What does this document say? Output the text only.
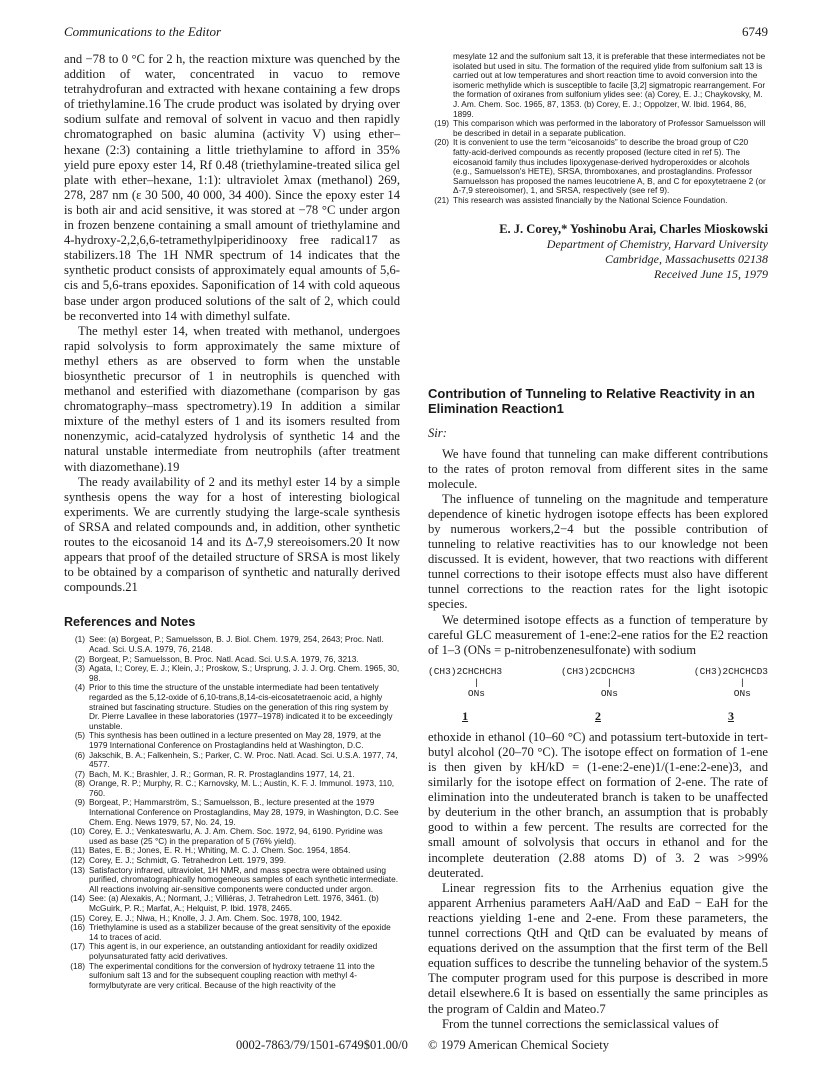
Communications to the Editor	6749

and −78 to 0 °C for 2 h, the reaction mixture was quenched by the addition of water, concentrated in vacuo to remove tetrahydrofuran and extracted with hexane containing a few drops of triethylamine.16 The crude product was isolated by drying over sodium sulfate and removal of solvent in vacuo and then rapidly chromatographed on basic alumina (activity V) using ether–hexane (2:3) containing a little triethylamine to afford in 35% yield pure epoxy ester 14, Rf 0.48 (triethylamine-treated silica gel plate with ether–hexane, 1:1): ultraviolet λmax (methanol) 269, 278, 287 nm (ε 30 500, 40 000, 34 400). Since the epoxy ester 14 is both air and acid sensitive, it was stored at −78 °C under argon in frozen benzene containing a small amount of triethylamine and 4-hydroxy-2,2,6,6-tetramethylpiperidinooxy free radical17 as stabilizers.18 The 1H NMR spectrum of 14 indicates that the synthetic product consists of approximately equal amounts of 5,6-cis and 5,6-trans epoxides. Saponification of 14 with cold aqueous base under argon produced solutions of the salt of 2, which could be reconverted into 14 with dimethyl sulfate.

The methyl ester 14, when treated with methanol, undergoes rapid solvolysis to form approximately the same mixture of methyl ethers as are observed to form when the unstable biosynthetic precursor of 1 in neutrophils is quenched with methanol and esterified with diazomethane (comparison by gas chromatography–mass spectrometry).19 In addition a similar mixture of the methyl esters of 1 and its isomers resulted from nonenzymic, acid-catalyzed hydrolysis of synthetic 14 and the natural unstable intermediate from neutrophils (after treatment with diazomethane).19

The ready availability of 2 and its methyl ester 14 by a simple synthesis opens the way for a host of interesting biological experiments. We are currently studying the large-scale synthesis of SRSA and related compounds and, in addition, other synthetic routes to the eicosanoid 14 and its Δ-7,9 stereoisomers.20 It now appears that proof of the detailed structure of SRSA is most likely to be obtained by a comparison of synthetic and naturally derived compounds.21

References and Notes
(1) See: (a) Borgeat, P.; Samuelsson, B. J. Biol. Chem. 1979, 254, 2643; Proc. Natl. Acad. Sci. U.S.A. 1979, 76, 2148.
(2) Borgeat, P.; Samuelsson, B. Proc. Natl. Acad. Sci. U.S.A. 1979, 76, 3213.
(3) Agata, I.; Corey, E. J.; Klein, J.; Proskow, S.; Ursprung, J. J. J. Org. Chem. 1965, 30, 98.
(4) Prior to this time the structure of the unstable intermediate had been tentatively regarded as the 5,12-oxide of 6,10-trans,8,14-cis-eicosatetraenoic acid, a highly strained but fascinating structure. Studies on the generation of this ring system by Dr. Pierre Lavallee in these laboratories (1977–1978) indicated it to be exceedingly unstable.
(5) This synthesis has been outlined in a lecture presented on May 28, 1979, at the 1979 International Conference on Prostaglandins held at Washington, D.C.
(6) Jakschik, B. A.; Falkenhein, S.; Parker, C. W. Proc. Natl. Acad. Sci. U.S.A. 1977, 74, 4577.
(7) Bach, M. K.; Brashler, J. R.; Gorman, R. R. Prostaglandins 1977, 14, 21.
(8) Orange, R. P.; Murphy, R. C.; Karnovsky, M. L.; Austin, K. F. J. Immunol. 1973, 110, 760.
(9) Borgeat, P.; Hammarström, S.; Samuelsson, B., lecture presented at the 1979 International Conference on Prostaglandins, May 28, 1979, in Washington, D.C. See Chem. Eng. News 1979, 57, No. 24, 19.
(10) Corey, E. J.; Venkateswarlu, A. J. Am. Chem. Soc. 1972, 94, 6190. Pyridine was used as base (25 °C) in the preparation of 5 (76% yield).
(11) Bates, E. B.; Jones, E. R. H.; Whiting, M. C. J. Chem. Soc. 1954, 1854.
(12) Corey, E. J.; Schmidt, G. Tetrahedron Lett. 1979, 399.
(13) Satisfactory infrared, ultraviolet, 1H NMR, and mass spectra were obtained using purified, chromatographically homogeneous samples of each synthetic intermediate. All reactions involving air-sensitive components were conducted under argon.
(14) See: (a) Alexakis, A.; Normant, J.; Villiéras, J. Tetrahedron Lett. 1976, 3461. (b) McGuirk, P. R.; Marfat, A.; Helquist, P. Ibid. 1978, 2465.
(15) Corey, E. J.; Niwa, H.; Knolle, J. J. Am. Chem. Soc. 1978, 100, 1942.
(16) Triethylamine is used as a stabilizer because of the great sensitivity of the epoxide 14 to traces of acid.
(17) This agent is, in our experience, an outstanding antioxidant for readily oxidized polyunsaturated fatty acid derivatives.
(18) The experimental conditions for the conversion of hydroxy tetraene 11 into the sulfonium salt 13 and for the subsequent coupling reaction with methyl 4-formylbutyrate are very critical. Because of the high reactivity of the
mesylate 12 and the sulfonium salt 13, it is preferable that these intermediates not be isolated but used in situ. The formation of the required ylide from sulfonium salt 13 is carried out at low temperatures and short reaction time to avoid conversion into the isomeric methylide which is susceptible to facile [3,2] sigmatropic rearrangement. For the formation of oxiranes from sulfonium ylides see: (a) Corey, E. J.; Chaykovsky, M. J. Am. Chem. Soc. 1965, 87, 1353. (b) Corey, E. J.; Oppolzer, W. Ibid. 1964, 86, 1899.
(19) This comparison which was performed in the laboratory of Professor Samuelsson will be described in detail in a separate publication.
(20) It is convenient to use the term “eicosanoids” to describe the broad group of C20 fatty-acid-derived compounds as recently proposed (lecture cited in ref 5). The eicosanoid family thus includes lipoxygenase-derived hydroperoxides or alcohols (e.g., Samuelsson's HETE), SRSA, thromboxanes, and prostaglandins. Professor Samuelsson has proposed the names leucotriene A, B, and C for epoxytetraene 2 (or Δ-7,9 stereoisomer), 1, and SRSA, respectively (see ref 9).
(21) This research was assisted financially by the National Science Foundation.
E. J. Corey,* Yoshinobu Arai, Charles Mioskowski
Department of Chemistry, Harvard University
Cambridge, Massachusetts 02138
Received June 15, 1979
Contribution of Tunneling to Relative Reactivity in an Elimination Reaction1
Sir:

We have found that tunneling can make different contributions to the rates of proton removal from different sites in the same molecule.

The influence of tunneling on the magnitude and temperature dependence of kinetic hydrogen isotope effects has been explored by numerous workers,2−4 but the possible contribution of tunneling to relative reactivities has to our knowledge not been discussed. It is evident, however, that two reactions with different tunnel corrections to their isotope effects must also have different tunnel corrections to the reaction rates for the light isotopic species.

We determined isotope effects as a function of temperature by careful GLC measurement of 1-ene:2-ene ratios for the E2 reaction of 1–3 (ONs = p-nitrobenzenesulfonate) with sodium

(CH3)2CHCHCH3
|
ONs
1
(CH3)2CDCHCH3
|
ONs
2
(CH3)2CHCHCD3
|
ONs
3

ethoxide in ethanol (10–60 °C) and potassium tert-butoxide in tert-butyl alcohol (20–70 °C). The isotope effect on formation of 1-ene is then given by kH/kD = (1-ene:2-ene)1/(1-ene:2-ene)3, and similarly for the isotope effect on formation of 2-ene. The rate of elimination into the undeuterated branch is taken to be unaffected by deuterium in the other branch, an assumption that is probably good to within a few percent. The results are corrected for the small amount of solvolysis that occurs in ethanol and for the incomplete deuteration (2.88 atoms D) of 3. 2 was >99% deuterated.

Linear regression fits to the Arrhenius equation give the apparent Arrhenius parameters AaH/AaD and EaD − EaH for the reactions yielding 1-ene and 2-ene. From these parameters, the tunnel corrections QtH and QtD can be evaluated by means of equations derived on the assumption that the first term of the Bell equation suffices to describe the tunneling behavior of the system.5 The computer program used for this purpose is described in more detail elsewhere.6 It is based on essentially the same principles as the program of Caldin and Mateo.7

From the tunnel corrections the semiclassical values of

0002-7863/79/1501-6749$01.00/0 © 1979 American Chemical Society
